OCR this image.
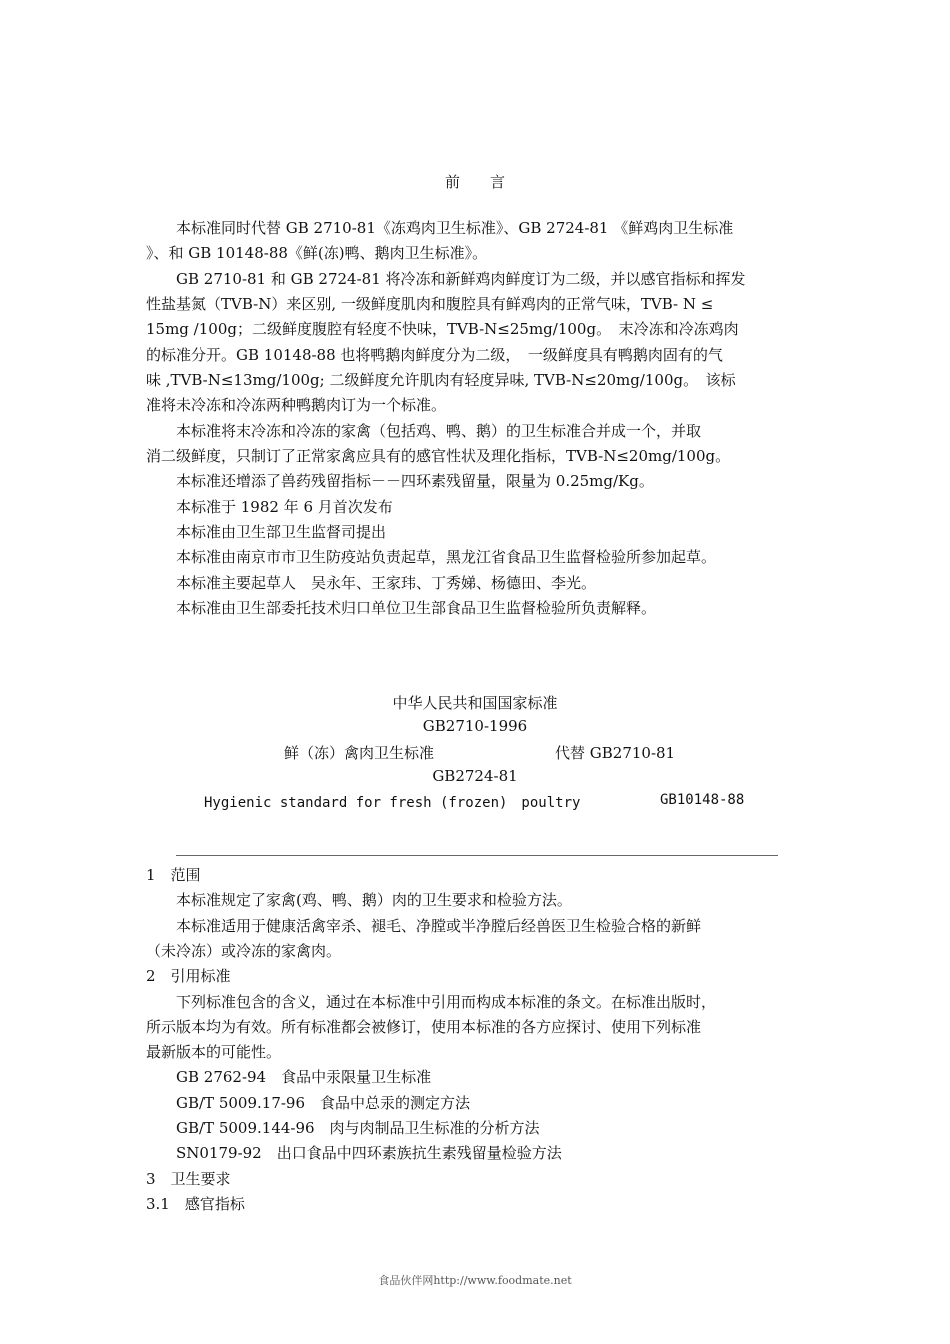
前　　言
本标准同时代替 GB 2710-81《冻鸡肉卫生标准》、GB 2724-81 《鲜鸡肉卫生标准
》、和 GB 10148-88《鲜(冻)鸭、鹅肉卫生标准》。
GB 2710-81 和 GB 2724-81 将冷冻和新鲜鸡肉鲜度订为二级，并以感官指标和挥发
性盐基氮（TVB-N）来区别, 一级鲜度肌肉和腹腔具有鲜鸡肉的正常气味，TVB- N ≤
15mg /100g；二级鲜度腹腔有轻度不快味，TVB-N≤25mg/100g。　末冷冻和冷冻鸡肉
的标准分开。GB 10148-88 也将鸭鹅肉鲜度分为二级，　一级鲜度具有鸭鹅肉固有的气
味 ,TVB-N≤13mg/100g; 二级鲜度允许肌肉有轻度异味, TVB-N≤20mg/100g。　该标
准将未冷冻和冷冻两种鸭鹅肉订为一个标准。
本标准将末冷冻和冷冻的家禽（包括鸡、鸭、鹅）的卫生标准合并成一个，并取
消二级鲜度，只制订了正常家禽应具有的感官性状及理化指标，TVB-N≤20mg/100g。
本标准还增添了兽药残留指标－－四环素残留量，限量为 0.25mg/Kg。
本标准于 1982 年 6 月首次发布
本标准由卫生部卫生监督司提出
本标准由南京市市卫生防疫站负责起草，黑龙江省食品卫生监督检验所参加起草。
本标准主要起草人　吴永年、王家玮、丁秀娣、杨德田、李光。
本标准由卫生部委托技术归口单位卫生部食品卫生监督检验所负责解释。
中华人民共和国国家标准
GB2710-1996
鲜（冻）禽肉卫生标准	代替 GB2710-81
GB2724-81
Hygienic standard for fresh (frozen)　poultry	GB10148-88
1　范围
本标准规定了家禽(鸡、鸭、鹅）肉的卫生要求和检验方法。
本标准适用于健康活禽宰杀、褪毛、净膛或半净膛后经兽医卫生检验合格的新鲜
（未冷冻）或冷冻的家禽肉。
2　引用标准
下列标准包含的含义，通过在本标准中引用而构成本标准的条文。在标准出版时，
所示版本均为有效。所有标准都会被修订，使用本标准的各方应探讨、使用下列标准
最新版本的可能性。
GB 2762-94　食品中汞限量卫生标准
GB/T 5009.17-96　食品中总汞的测定方法
GB/T 5009.144-96　肉与肉制品卫生标准的分析方法
SN0179-92　出口食品中四环素族抗生素残留量检验方法
3　卫生要求
3.1　感官指标
食品伙伴网http://www.foodmate.net
